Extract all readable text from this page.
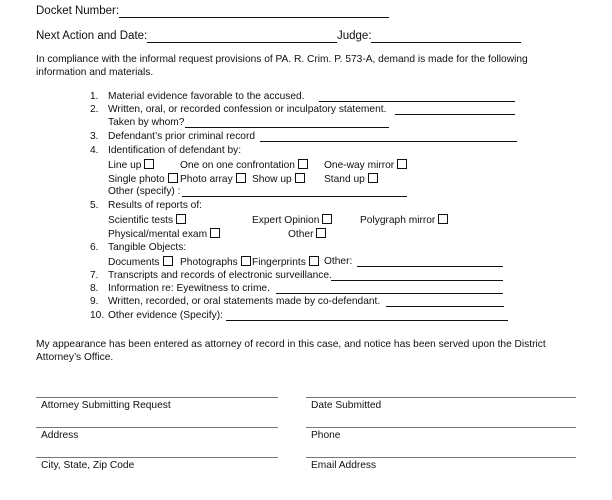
Docket Number:
Next Action and Date:	Judge:
In compliance with the informal request provisions of PA. R. Crim. P. 573-A, demand is made for the following
information and materials.
1. Material evidence favorable to the accused.
2. Written, oral, or recorded confession or inculpatory statement.
Taken by whom?
3. Defendant’s prior criminal record
4. Identification of defendant by:
Line up	One on one confrontation	One-way mirror
Single photo	Photo array	Show up	Stand up
Other (specify) :
5. Results of reports of:
Scientific tests	Expert Opinion	Polygraph mirror
Physical/mental exam	Other
6. Tangible Objects:
Documents	Photographs	Fingerprints	Other:
7. Transcripts and records of electronic surveillance.
8. Information re: Eyewitness to crime.
9. Written, recorded, or oral statements made by co-defendant.
10. Other evidence (Specify):
My appearance has been entered as attorney of record in this case, and notice has been served upon the District
Attorney’s Office.
Attorney Submitting Request	Date Submitted
Address	Phone
City, State, Zip Code	Email Address
